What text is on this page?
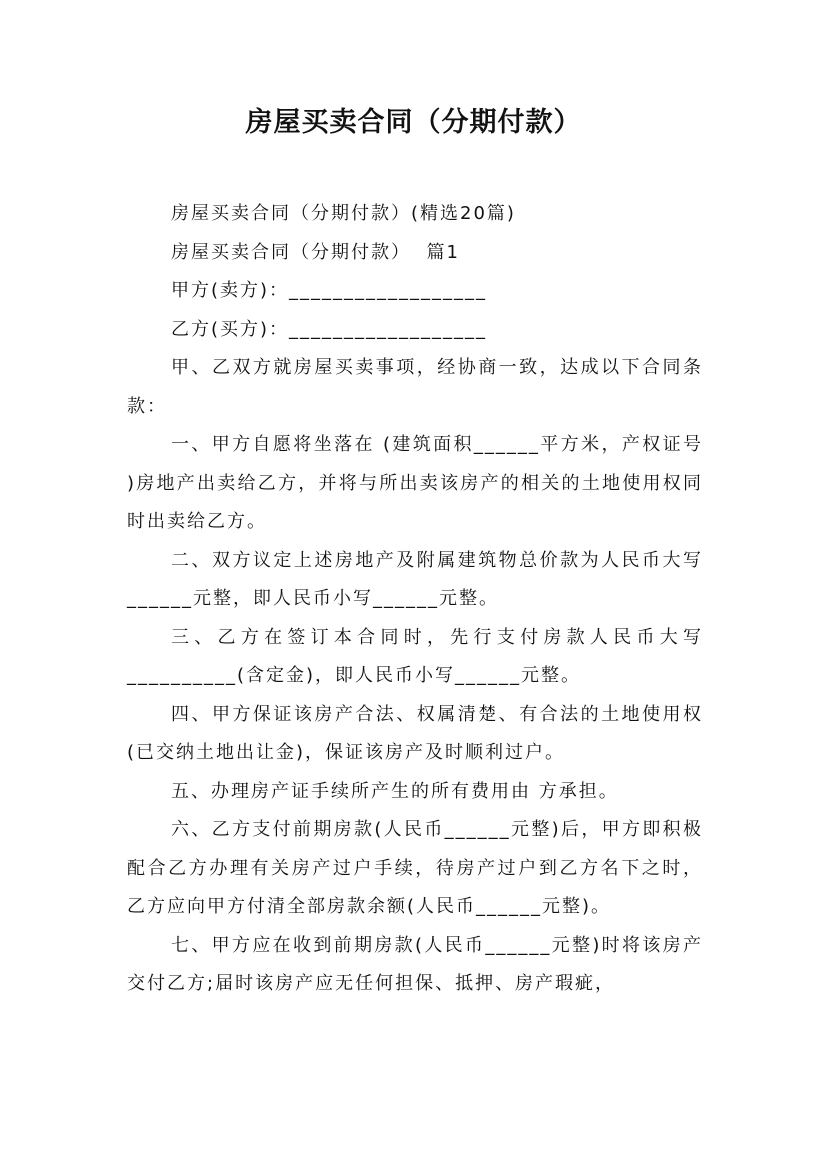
房屋买卖合同（分期付款）

房屋买卖合同（分期付款）(精选20篇)

房屋买卖合同（分期付款）  篇1

甲方(卖方)：__________________

乙方(买方)：__________________

甲、乙双方就房屋买卖事项，经协商一致，达成以下合同条款：

一、甲方自愿将坐落在 (建筑面积______平方米，产权证号 )房地产出卖给乙方，并将与所出卖该房产的相关的土地使用权同时出卖给乙方。

二、双方议定上述房地产及附属建筑物总价款为人民币大写______元整，即人民币小写______元整。

三、乙方在签订本合同时，先行支付房款人民币大写__________(含定金)，即人民币小写______元整。

四、甲方保证该房产合法、权属清楚、有合法的土地使用权(已交纳土地出让金)，保证该房产及时顺利过户。

五、办理房产证手续所产生的所有费用由 方承担。

六、乙方支付前期房款(人民币______元整)后，甲方即积极配合乙方办理有关房产过户手续，待房产过户到乙方名下之时，乙方应向甲方付清全部房款余额(人民币______元整)。

七、甲方应在收到前期房款(人民币______元整)时将该房产交付乙方;届时该房产应无任何担保、抵押、房产瑕疵，
